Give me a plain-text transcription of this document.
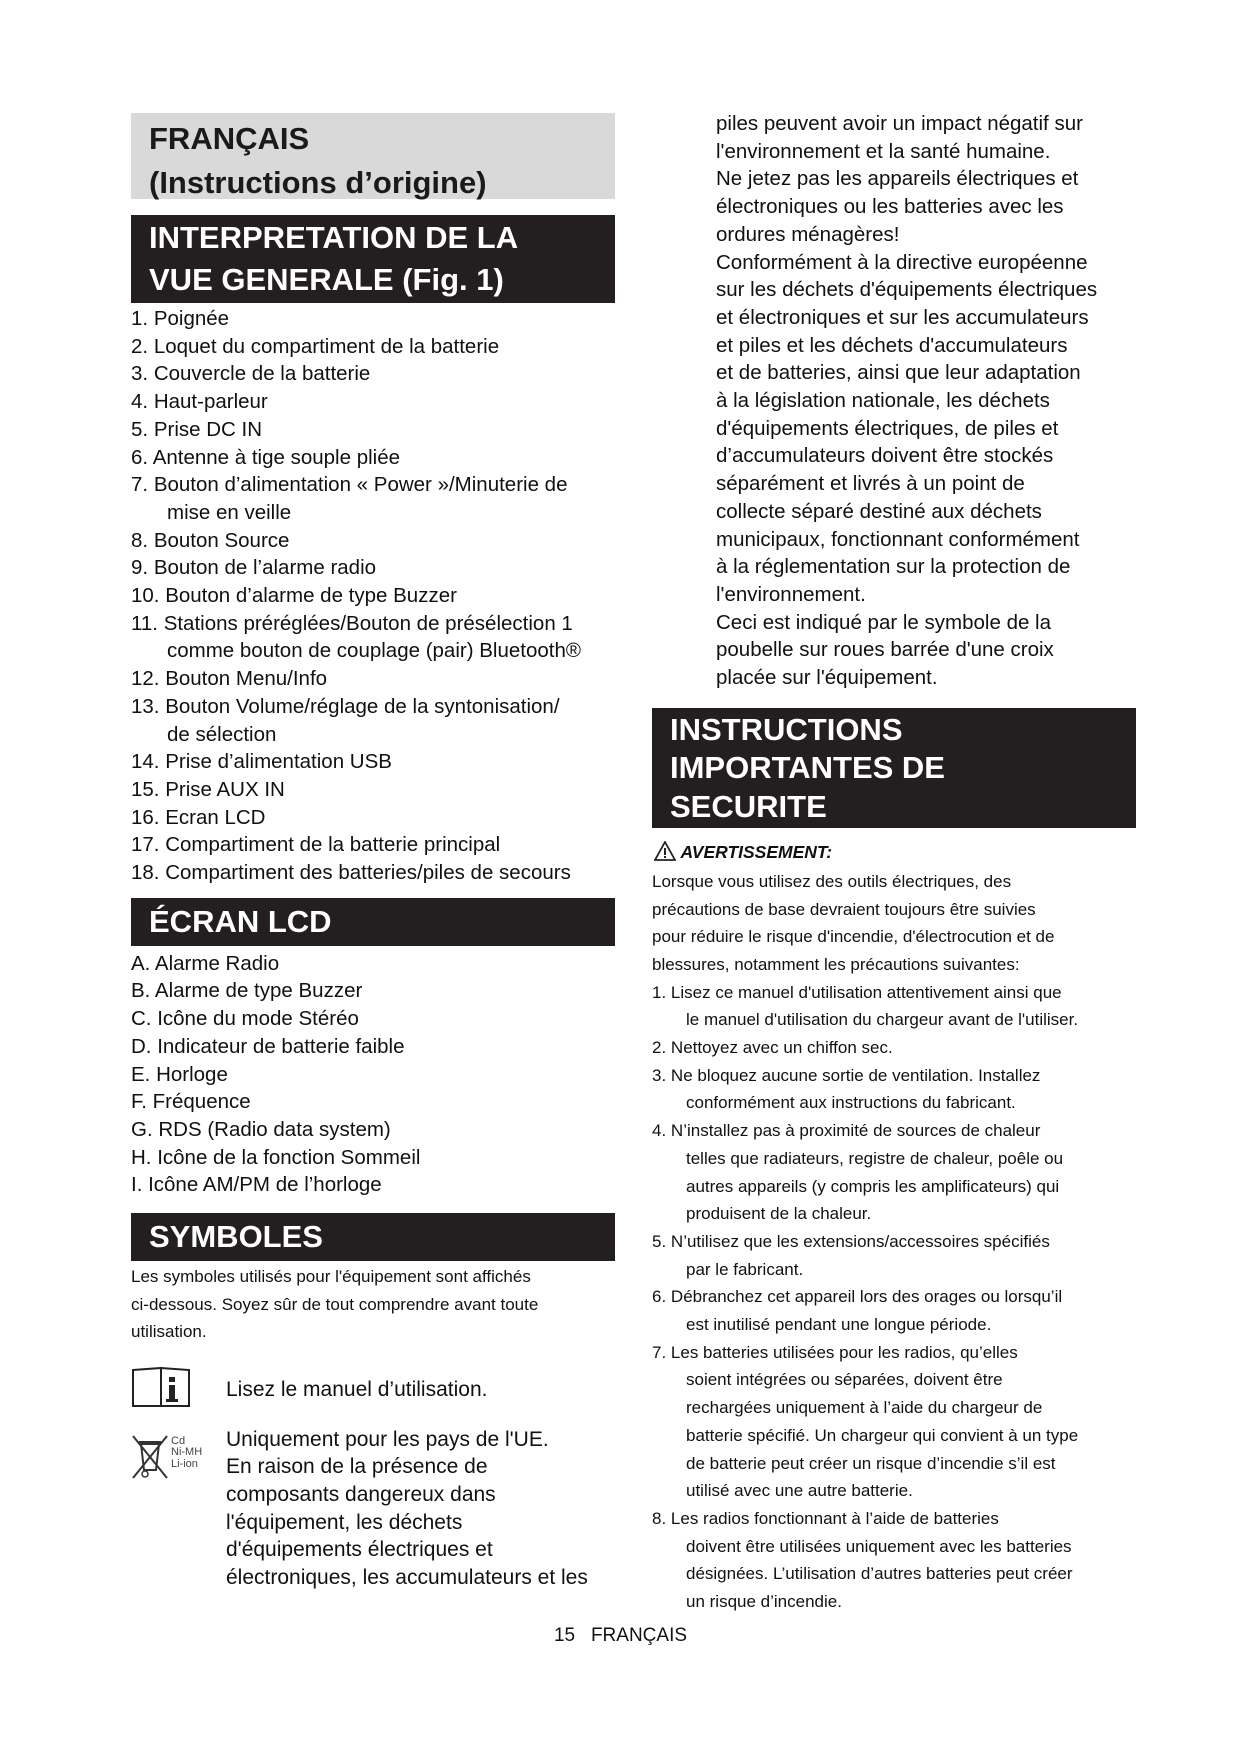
FRANÇAIS
(Instructions d’origine)
INTERPRETATION DE LA
VUE GENERALE (Fig. 1)
1. Poignée
2. Loquet du compartiment de la batterie
3. Couvercle de la batterie
4. Haut-parleur
5. Prise DC IN
6. Antenne à tige souple pliée
7. Bouton d’alimentation « Power »/Minuterie de
mise en veille
8. Bouton Source
9. Bouton de l’alarme radio
10. Bouton d’alarme de type Buzzer
11. Stations préréglées/Bouton de présélection 1
comme bouton de couplage (pair) Bluetooth®
12. Bouton Menu/Info
13. Bouton Volume/réglage de la syntonisation/
de sélection
14. Prise d’alimentation USB
15. Prise AUX IN
16. Ecran LCD
17. Compartiment de la batterie principal
18. Compartiment des batteries/piles de secours
ÉCRAN LCD
A. Alarme Radio
B. Alarme de type Buzzer
C. Icône du mode Stéréo
D. Indicateur de batterie faible
E. Horloge
F. Fréquence
G. RDS (Radio data system)
H. Icône de la fonction Sommeil
I. Icône AM/PM de l’horloge
SYMBOLES
Les symboles utilisés pour l'équipement sont affichés
ci-dessous. Soyez sûr de tout comprendre avant toute
utilisation.
Lisez le manuel d’utilisation.
Cd
Ni-MH
Li-ion
Uniquement pour les pays de l'UE.
En raison de la présence de
composants dangereux dans
l'équipement, les déchets
d'équipements électriques et
électroniques, les accumulateurs et les
piles peuvent avoir un impact négatif sur
l'environnement et la santé humaine.
Ne jetez pas les appareils électriques et
électroniques ou les batteries avec les
ordures ménagères!
Conformément à la directive européenne
sur les déchets d'équipements électriques
et électroniques et sur les accumulateurs
et piles et les déchets d'accumulateurs
et de batteries, ainsi que leur adaptation
à la législation nationale, les déchets
d'équipements électriques, de piles et
d’accumulateurs doivent être stockés
séparément et livrés à un point de
collecte séparé destiné aux déchets
municipaux, fonctionnant conformément
à la réglementation sur la protection de
l'environnement.
Ceci est indiqué par le symbole de la
poubelle sur roues barrée d'une croix
placée sur l'équipement.
INSTRUCTIONS
IMPORTANTES DE
SECURITE
AVERTISSEMENT:
Lorsque vous utilisez des outils électriques, des
précautions de base devraient toujours être suivies
pour réduire le risque d'incendie, d'électrocution et de
blessures, notamment les précautions suivantes:
1. Lisez ce manuel d'utilisation attentivement ainsi que
le manuel d'utilisation du chargeur avant de l'utiliser.
2. Nettoyez avec un chiffon sec.
3. Ne bloquez aucune sortie de ventilation. Installez
conformément aux instructions du fabricant.
4. N’installez pas à proximité de sources de chaleur
telles que radiateurs, registre de chaleur, poêle ou
autres appareils (y compris les amplificateurs) qui
produisent de la chaleur.
5. N’utilisez que les extensions/accessoires spécifiés
par le fabricant.
6. Débranchez cet appareil lors des orages ou lorsqu’il
est inutilisé pendant une longue période.
7. Les batteries utilisées pour les radios, qu’elles
soient intégrées ou séparées, doivent être
rechargées uniquement à l’aide du chargeur de
batterie spécifié. Un chargeur qui convient à un type
de batterie peut créer un risque d’incendie s’il est
utilisé avec une autre batterie.
8. Les radios fonctionnant à l’aide de batteries
doivent être utilisées uniquement avec les batteries
désignées. L’utilisation d’autres batteries peut créer
un risque d’incendie.
15 FRANÇAIS
